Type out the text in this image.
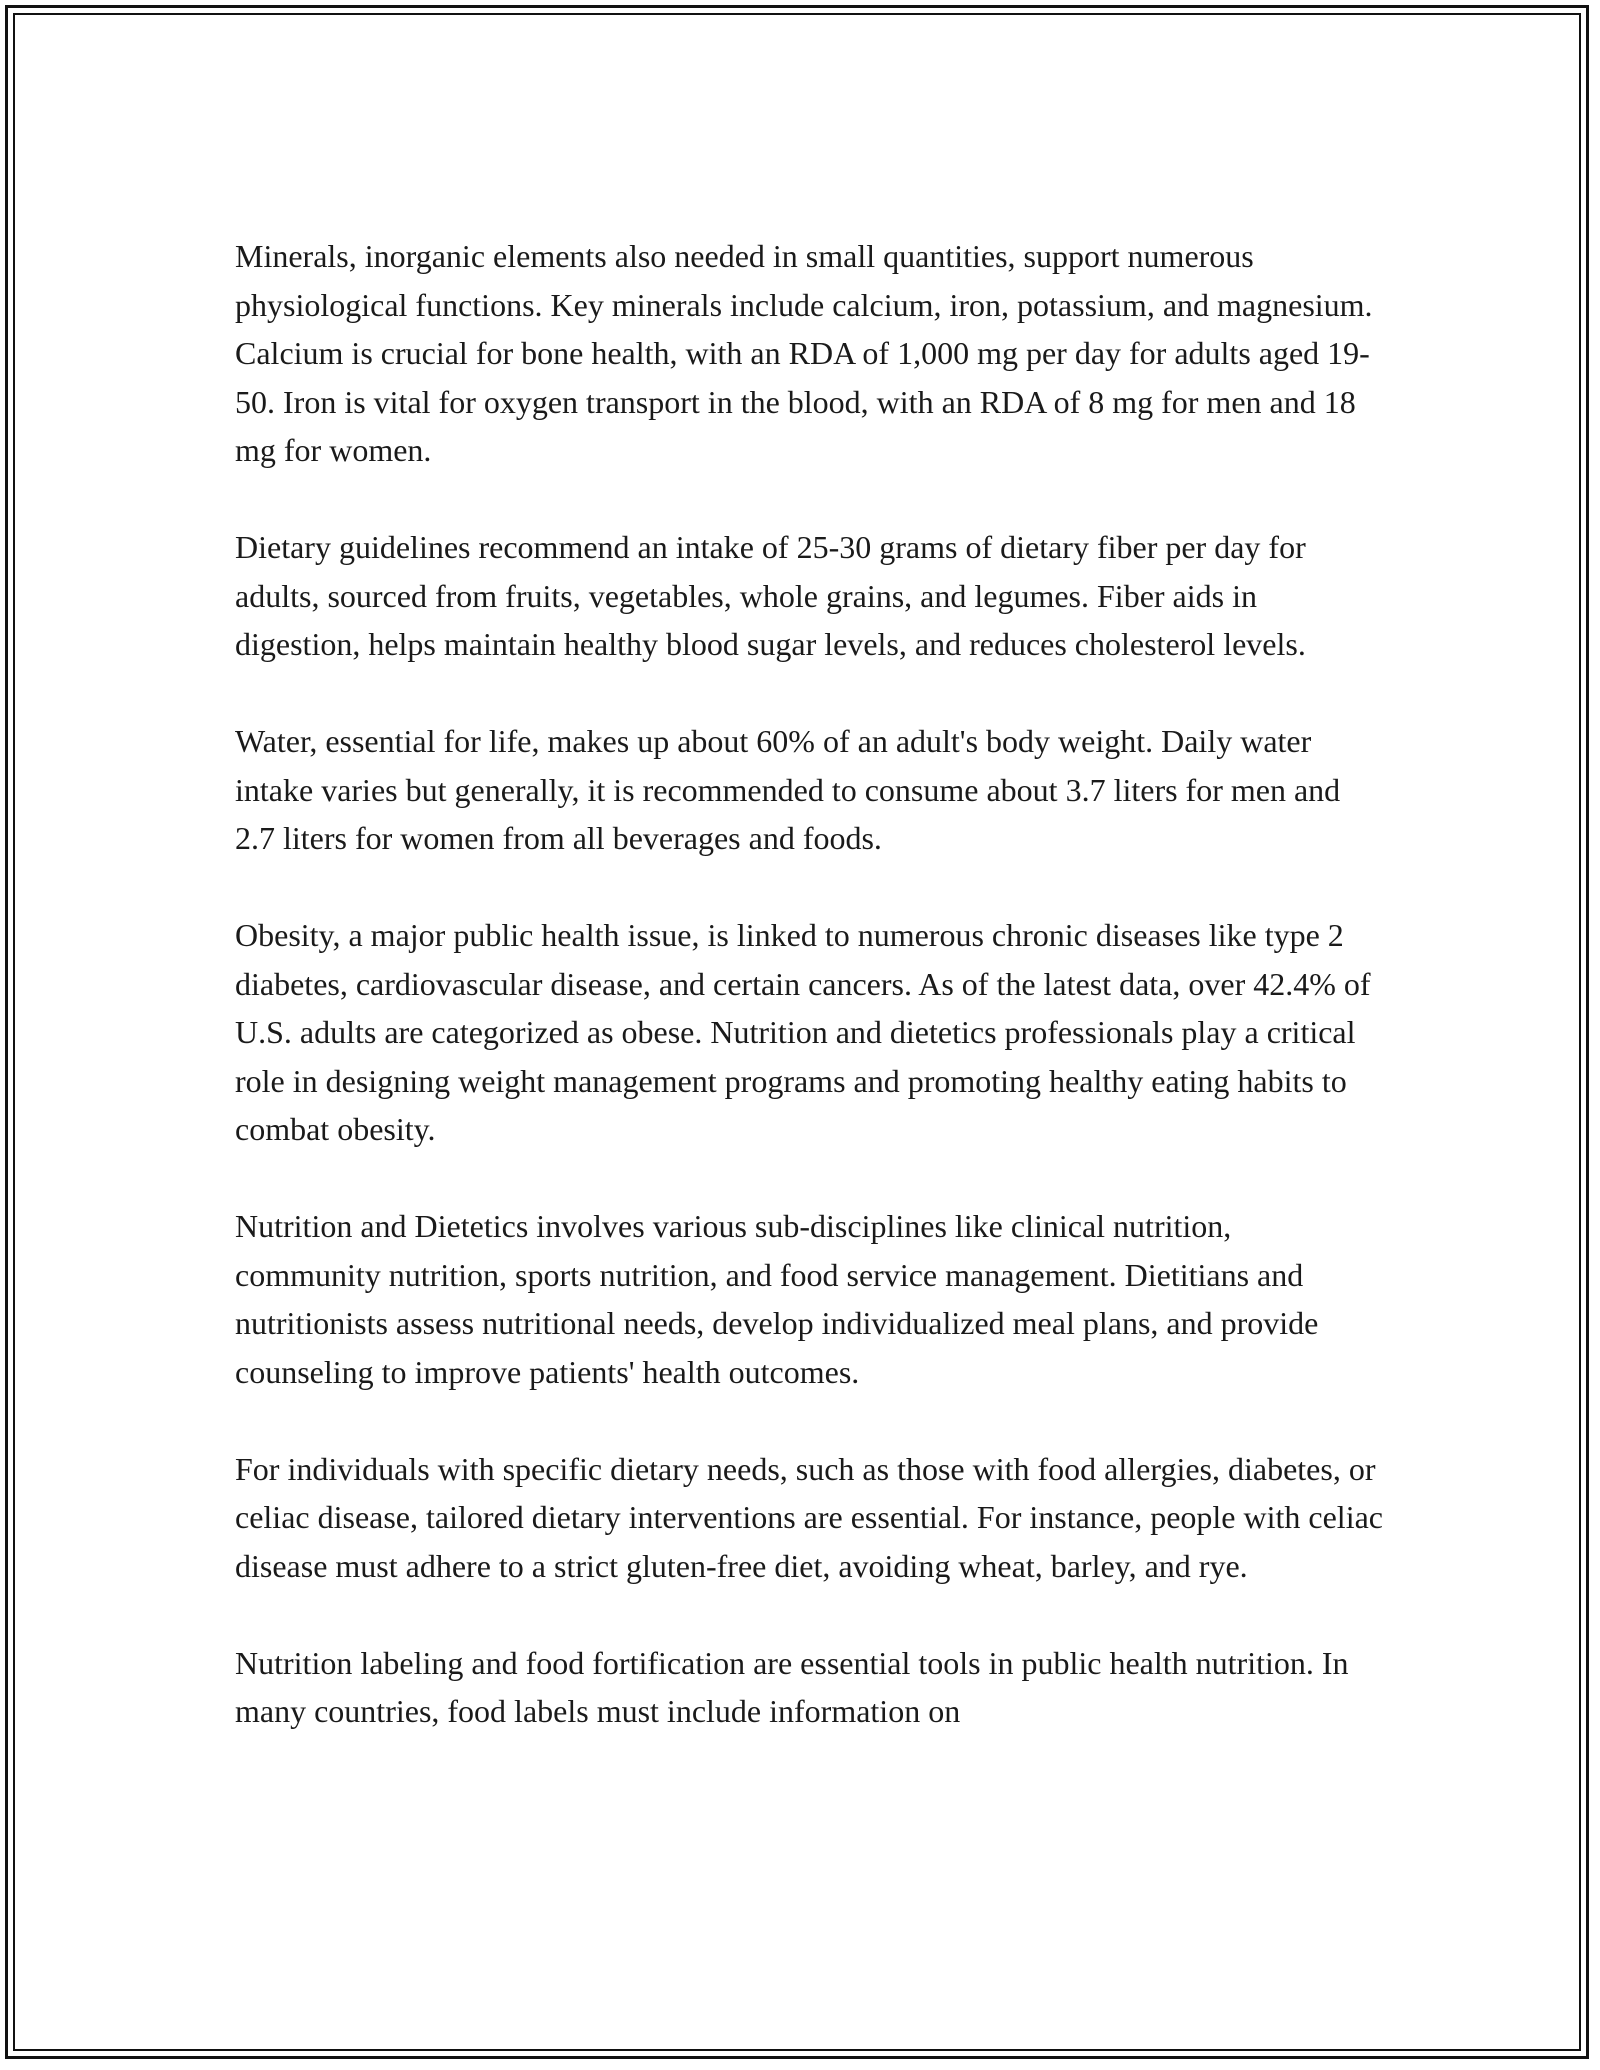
Minerals, inorganic elements also needed in small quantities, support numerous physiological functions. Key minerals include calcium, iron, potassium, and magnesium. Calcium is crucial for bone health, with an RDA of 1,000 mg per day for adults aged 19-50. Iron is vital for oxygen transport in the blood, with an RDA of 8 mg for men and 18 mg for women.

Dietary guidelines recommend an intake of 25-30 grams of dietary fiber per day for adults, sourced from fruits, vegetables, whole grains, and legumes. Fiber aids in digestion, helps maintain healthy blood sugar levels, and reduces cholesterol levels.

Water, essential for life, makes up about 60% of an adult's body weight. Daily water intake varies but generally, it is recommended to consume about 3.7 liters for men and 2.7 liters for women from all beverages and foods.

Obesity, a major public health issue, is linked to numerous chronic diseases like type 2 diabetes, cardiovascular disease, and certain cancers. As of the latest data, over 42.4% of U.S. adults are categorized as obese. Nutrition and dietetics professionals play a critical role in designing weight management programs and promoting healthy eating habits to combat obesity.

Nutrition and Dietetics involves various sub-disciplines like clinical nutrition, community nutrition, sports nutrition, and food service management. Dietitians and nutritionists assess nutritional needs, develop individualized meal plans, and provide counseling to improve patients' health outcomes.

For individuals with specific dietary needs, such as those with food allergies, diabetes, or celiac disease, tailored dietary interventions are essential. For instance, people with celiac disease must adhere to a strict gluten-free diet, avoiding wheat, barley, and rye.

Nutrition labeling and food fortification are essential tools in public health nutrition. In many countries, food labels must include information on
